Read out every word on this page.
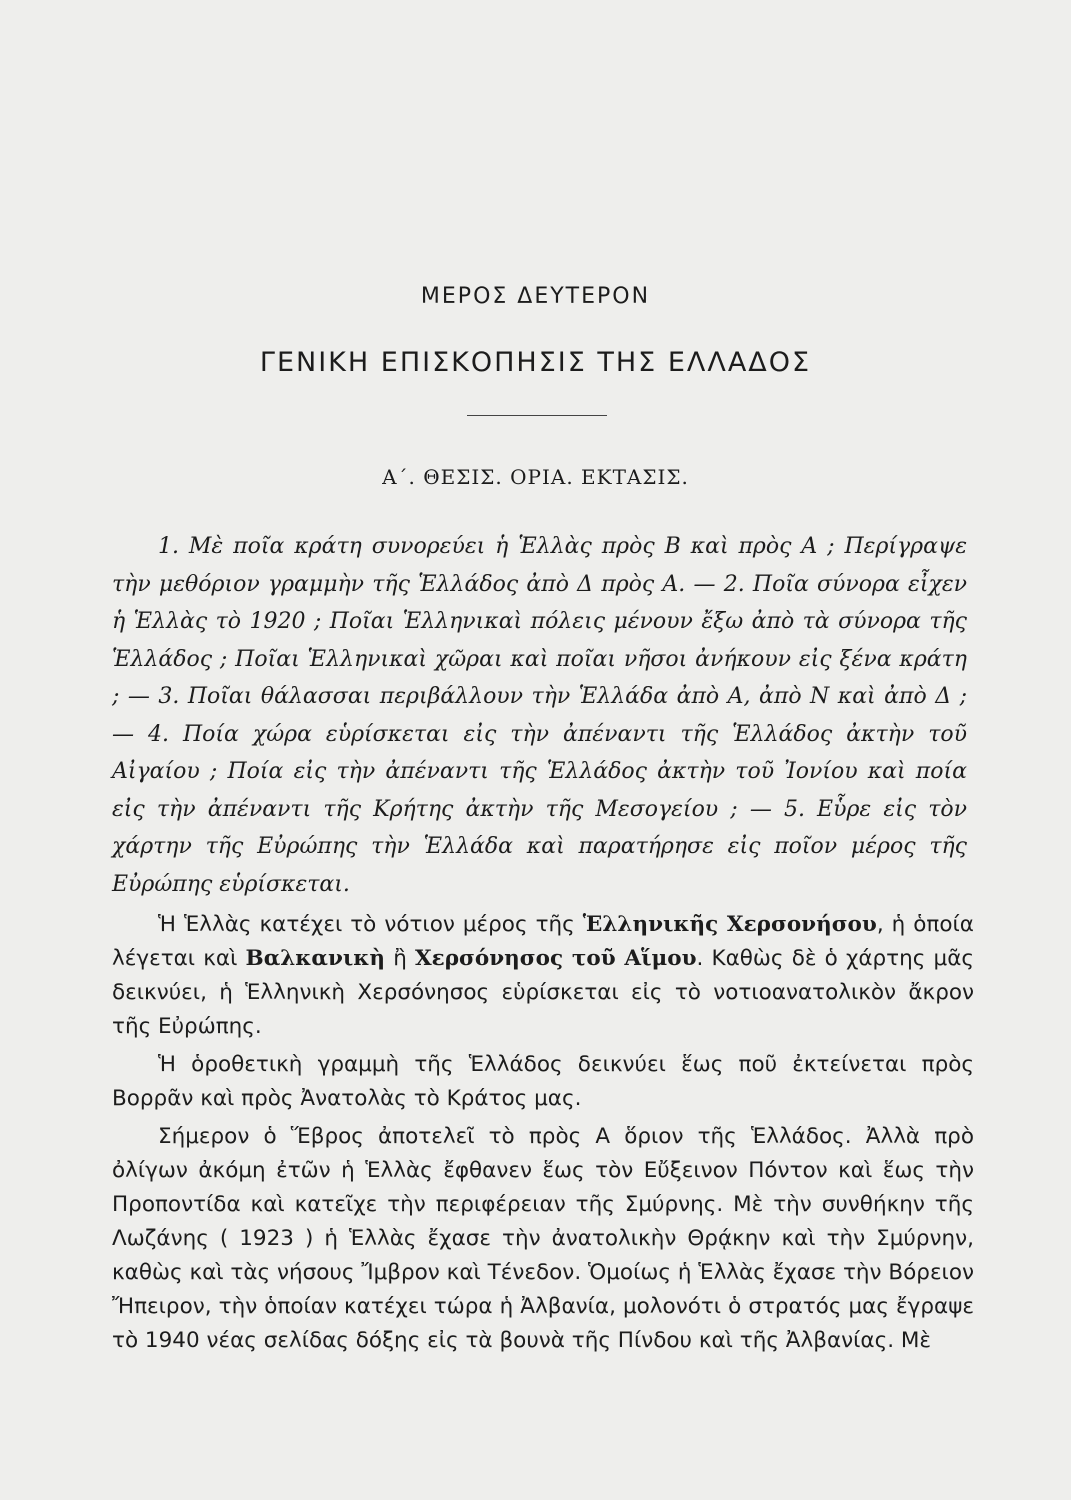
ΜΕΡΟΣ ΔΕΥΤΕΡΟΝ
ΓΕΝΙΚΗ ΕΠΙΣΚΟΠΗΣΙΣ ΤΗΣ ΕΛΛΑΔΟΣ
Α΄. ΘΕΣΙΣ. ΟΡΙΑ. ΕΚΤΑΣΙΣ.

1. Μὲ ποῖα κράτη συνορεύει ἡ Ἑλλὰς πρὸς Β καὶ πρὸς Α ; Περίγραψε τὴν μεθόριον γραμμὴν τῆς Ἑλλάδος ἀπὸ Δ πρὸς Α. — 2. Ποῖα σύνορα εἶχεν ἡ Ἑλλὰς τὸ 1920 ; Ποῖαι Ἑλληνικαὶ πόλεις μένουν ἔξω ἀπὸ τὰ σύνορα τῆς Ἑλλάδος ; Ποῖαι Ἑλληνικαὶ χῶραι καὶ ποῖαι νῆσοι ἀνήκουν εἰς ξένα κράτη ; — 3. Ποῖαι θάλασσαι περιβάλλουν τὴν Ἑλλάδα ἀπὸ Α, ἀπὸ Ν καὶ ἀπὸ Δ ; — 4. Ποία χώρα εὑρίσκεται εἰς τὴν ἀπέναντι τῆς Ἑλλάδος ἀκτὴν τοῦ Αἰγαίου ; Ποία εἰς τὴν ἀπέναντι τῆς Ἑλλάδος ἀκτὴν τοῦ Ἰονίου καὶ ποία εἰς τὴν ἀπέναντι τῆς Κρήτης ἀκτὴν τῆς Μεσογείου ; — 5. Εὗρε εἰς τὸν χάρτην τῆς Εὐρώπης τὴν Ἑλλάδα καὶ παρατήρησε εἰς ποῖον μέρος τῆς Εὐρώπης εὑρίσκεται.

Ἡ Ἑλλὰς κατέχει τὸ νότιον μέρος τῆς Ἑλληνικῆς Χερσονήσου, ἡ ὁποία λέγεται καὶ Βαλκανικὴ ἢ Χερσόνησος τοῦ Αἵμου. Καθὼς δὲ ὁ χάρτης μᾶς δεικνύει, ἡ Ἑλληνικὴ Χερσόνησος εὑρίσκεται εἰς τὸ νοτιοανατολικὸν ἄκρον τῆς Εὐρώπης.

Ἡ ὁροθετικὴ γραμμὴ τῆς Ἑλλάδος δεικνύει ἕως ποῦ ἐκτείνεται πρὸς Βορρᾶν καὶ πρὸς Ἀνατολὰς τὸ Κράτος μας.

Σήμερον ὁ Ἕβρος ἀποτελεῖ τὸ πρὸς Α ὅριον τῆς Ἑλλάδος. Ἀλλὰ πρὸ ὀλίγων ἀκόμη ἐτῶν ἡ Ἑλλὰς ἔφθανεν ἕως τὸν Εὔξεινον Πόντον καὶ ἕως τὴν Προποντίδα καὶ κατεῖχε τὴν περιφέρειαν τῆς Σμύρνης. Μὲ τὴν συνθήκην τῆς Λωζάνης ( 1923 ) ἡ Ἑλλὰς ἔχασε τὴν ἀνατολικὴν Θρᾴκην καὶ τὴν Σμύρνην, καθὼς καὶ τὰς νήσους Ἴμβρον καὶ Τένεδον. Ὁμοίως ἡ Ἑλλὰς ἔχασε τὴν Βόρειον Ἤπειρον, τὴν ὁποίαν κατέχει τώρα ἡ Ἀλβανία, μολονότι ὁ στρατός μας ἔγραψε τὸ 1940 νέας σελίδας δόξης εἰς τὰ βουνὰ τῆς Πίνδου καὶ τῆς Ἀλβανίας. Μὲ
